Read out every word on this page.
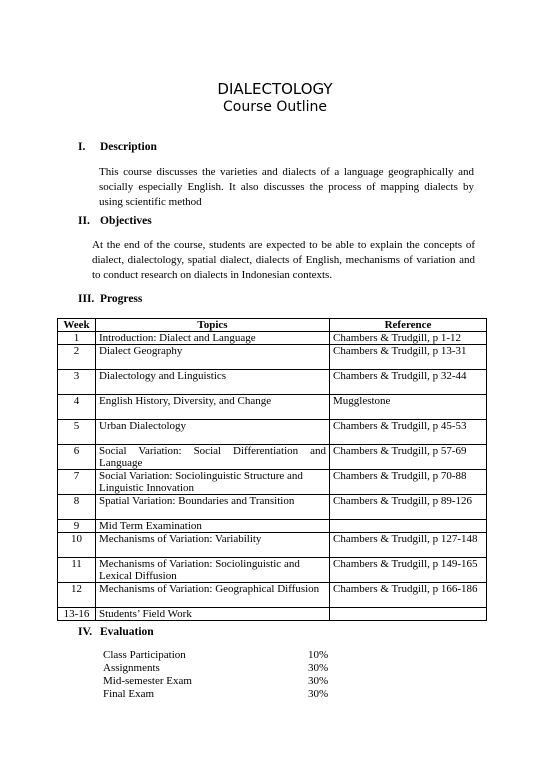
DIALECTOLOGY
Course Outline
I. Description
This course discusses the varieties and dialects of a language geographically and socially especially English. It also discusses the process of mapping dialects by using scientific method
II. Objectives
At the end of the course, students are expected to be able to explain the concepts of dialect, dialectology, spatial dialect, dialects of English, mechanisms of variation and to conduct research on dialects in Indonesian contexts.
III. Progress
Week	Topics	Reference
1	Introduction: Dialect and Language	Chambers & Trudgill, p 1-12
2	Dialect Geography	Chambers & Trudgill, p 13-31
3	Dialectology and Linguistics	Chambers & Trudgill, p 32-44
4	English History, Diversity, and Change	Mugglestone
5	Urban Dialectology	Chambers & Trudgill, p 45-53
6	Social Variation: Social Differentiation and Language	Chambers & Trudgill, p 57-69
7	Social Variation: Sociolinguistic Structure and Linguistic Innovation	Chambers & Trudgill, p 70-88
8	Spatial Variation: Boundaries and Transition	Chambers & Trudgill, p 89-126
9	Mid Term Examination	
10	Mechanisms of Variation: Variability	Chambers & Trudgill, p 127-148
11	Mechanisms of Variation: Sociolinguistic and Lexical Diffusion	Chambers & Trudgill, p 149-165
12	Mechanisms of Variation: Geographical Diffusion	Chambers & Trudgill, p 166-186
13-16	Students’ Field Work	
IV. Evaluation
Class Participation	10%
Assignments	30%
Mid-semester Exam	30%
Final Exam	30%
